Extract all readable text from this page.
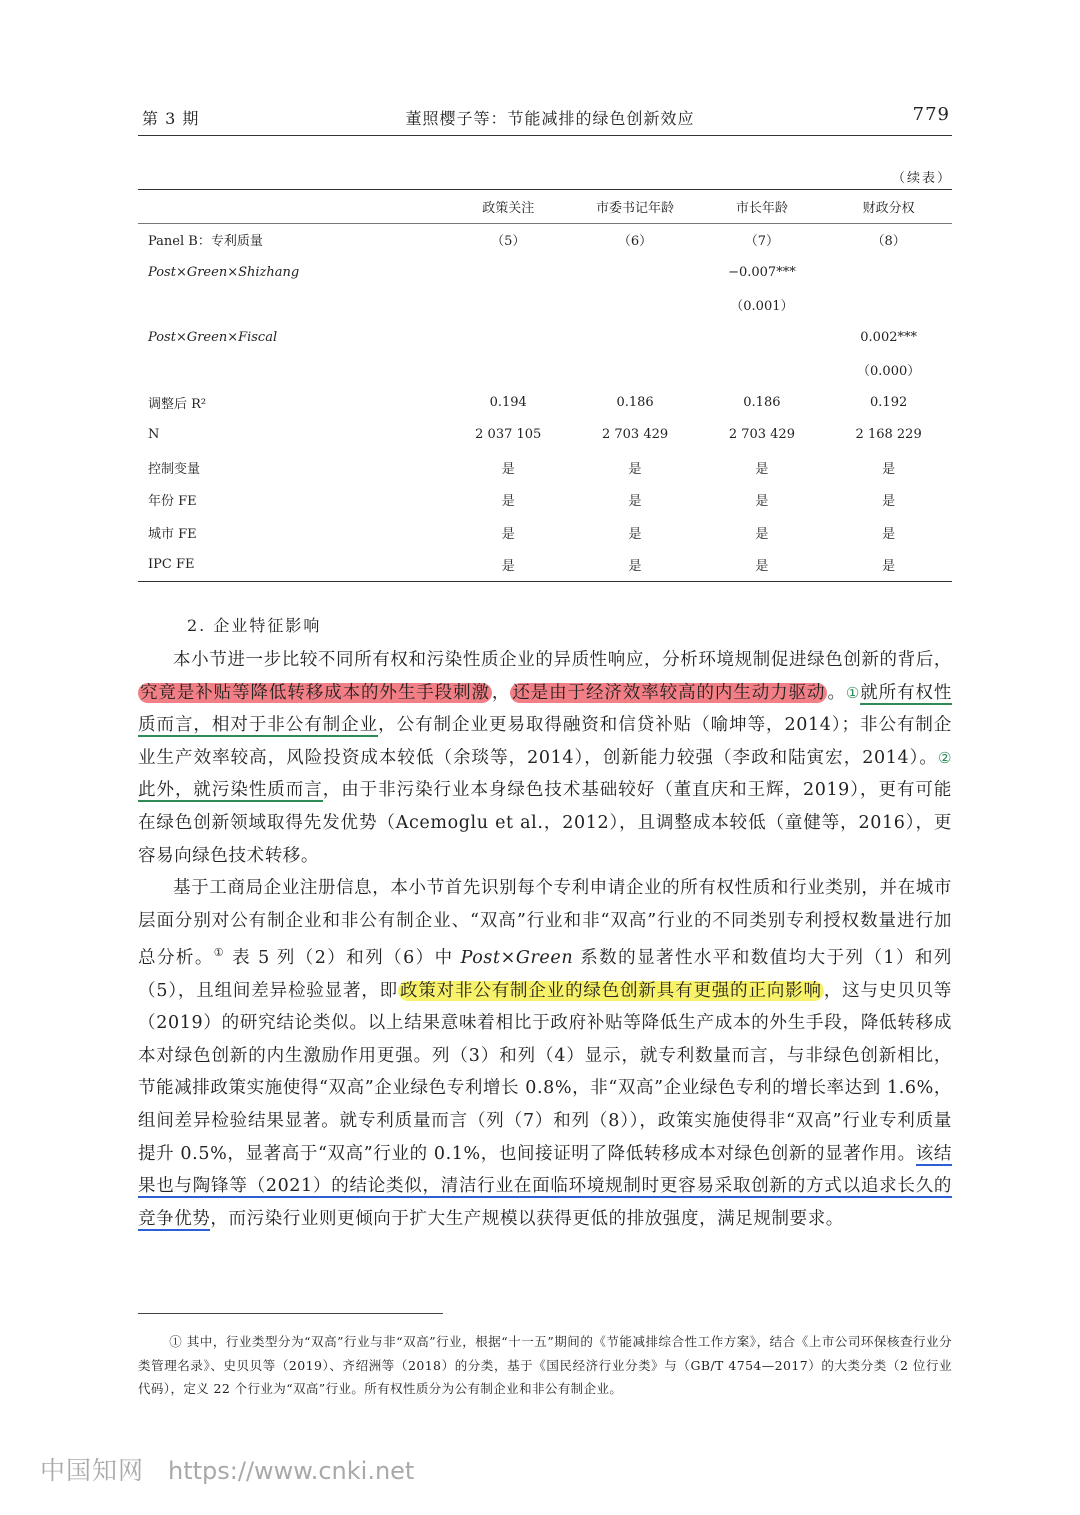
第 3 期	董照樱子等：节能减排的绿色创新效应	779
（续表）
	政策关注	市委书记年龄	市长年龄	财政分权
Panel B：专利质量	（5）	（6）	（7）	（8）
Post×Green×Shizhang			−0.007***	
			（0.001）	
Post×Green×Fiscal				0.002***
				（0.000）
调整后 R²	0.194	0.186	0.186	0.192
N	2 037 105	2 703 429	2 703 429	2 168 229
控制变量	是	是	是	是
年份 FE	是	是	是	是
城市 FE	是	是	是	是
IPC FE	是	是	是	是
2. 企业特征影响

本小节进一步比较不同所有权和污染性质企业的异质性响应，分析环境规制促进绿色创新的背后，究竟是补贴等降低转移成本的外生手段刺激 ， 还是由于经济效率较高的内生动力驱动 。①就所有权性质而言，相对于非公有制企业，公有制企业更易取得融资和信贷补贴（喻坤等，2014）；非公有制企业生产效率较高，风险投资成本较低（余琰等，2014），创新能力较强（李政和陆寅宏，2014）。②此外，就污染性质而言，由于非污染行业本身绿色技术基础较好（董直庆和王辉，2019），更有可能在绿色创新领域取得先发优势（Acemoglu et al.，2012），且调整成本较低（童健等，2016），更容易向绿色技术转移。

基于工商局企业注册信息，本小节首先识别每个专利申请企业的所有权性质和行业类别，并在城市层面分别对公有制企业和非公有制企业、“双高”行业和非“双高”行业的不同类别专利授权数量进行加总分析。① 表 5 列（2）和列（6）中 Post×Green 系数的显著性水平和数值均大于列（1）和列（5），且组间差异检验显著，即 政策对非公有制企业的绿色创新具有更强的正向影响 ，这与史贝贝等（2019）的研究结论类似。以上结果意味着相比于政府补贴等降低生产成本的外生手段，降低转移成本对绿色创新的内生激励作用更强。列（3）和列（4）显示，就专利数量而言，与非绿色创新相比，节能减排政策实施使得“双高”企业绿色专利增长 0.8%，非“双高”企业绿色专利的增长率达到 1.6%，组间差异检验结果显著。就专利质量而言（列（7）和列（8）），政策实施使得非“双高”行业专利质量提升 0.5%，显著高于“双高”行业的 0.1%，也间接证明了降低转移成本对绿色创新的显著作用。该结果也与陶锋等（2021）的结论类似，清洁行业在面临环境规制时更容易采取创新的方式以追求长久的竞争优势，而污染行业则更倾向于扩大生产规模以获得更低的排放强度，满足规制要求。

① 其中，行业类型分为“双高”行业与非“双高”行业，根据“十一五”期间的《节能减排综合性工作方案》，结合《上市公司环保核查行业分类管理名录》、史贝贝等（2019）、齐绍洲等（2018）的分类，基于《国民经济行业分类》与（GB/T 4754—2017）的大类分类（2 位行业代码），定义 22 个行业为“双高”行业。所有权性质分为公有制企业和非公有制企业。

中国知网 https://www.cnki.net
